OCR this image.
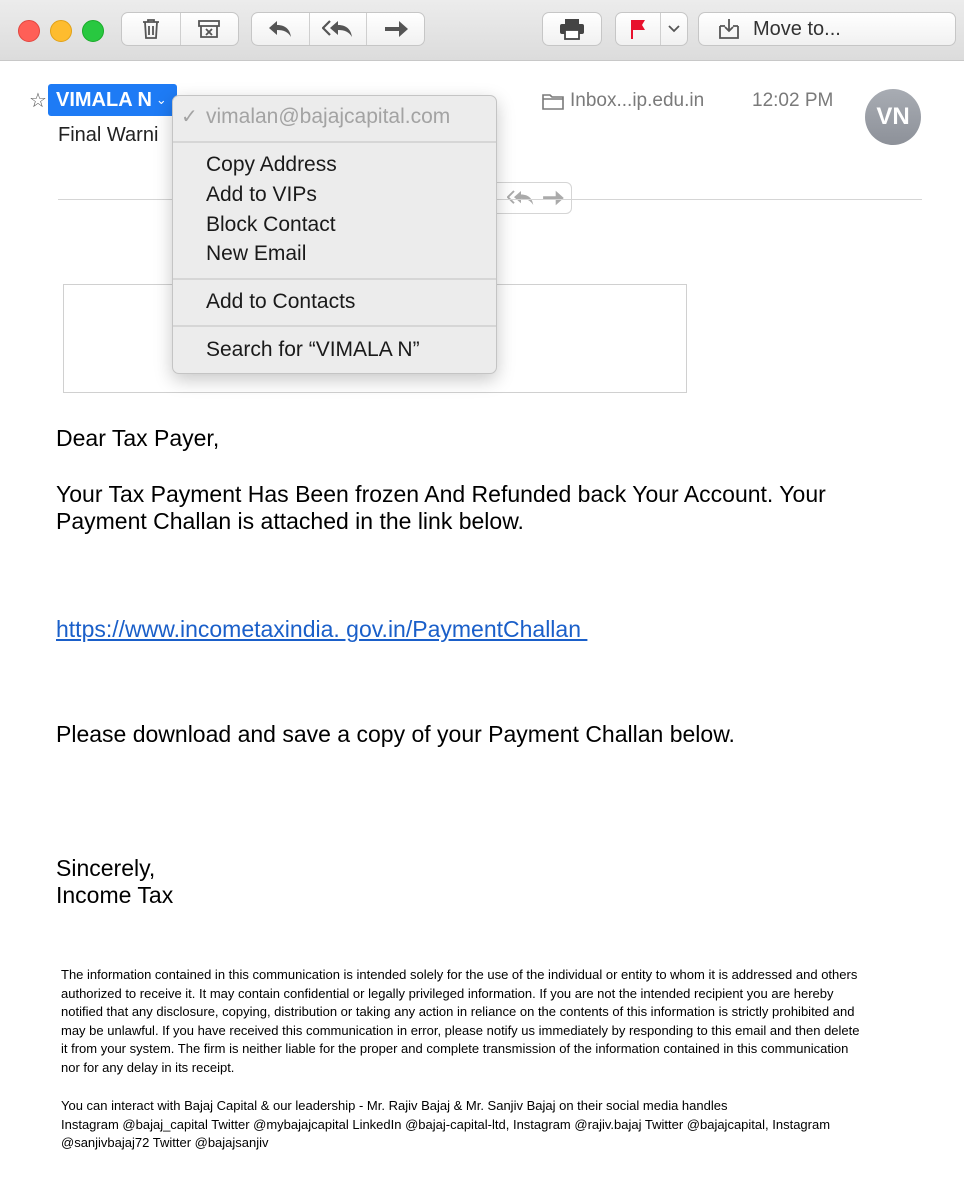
Move to...
☆ VIMALA N ⌄	Inbox...ip.edu.in	12:02 PM
VN
Final Warni
Dear Tax Payer,
Your Tax Payment Has Been frozen And Refunded back Your Account. Your
Payment Challan is attached in the link below.
https://www.incometaxindia. gov.in/PaymentChallan
Please download and save a copy of your Payment Challan below.
Sincerely,
Income Tax
The information contained in this communication is intended solely for the use of the individual or entity to whom it is addressed and others
authorized to receive it. It may contain confidential or legally privileged information. If you are not the intended recipient you are hereby
notified that any disclosure, copying, distribution or taking any action in reliance on the contents of this information is strictly prohibited and
may be unlawful. If you have received this communication in error, please notify us immediately by responding to this email and then delete
it from your system. The firm is neither liable for the proper and complete transmission of the information contained in this communication
nor for any delay in its receipt.
You can interact with Bajaj Capital & our leadership - Mr. Rajiv Bajaj & Mr. Sanjiv Bajaj on their social media handles
Instagram @bajaj_capital Twitter @mybajajcapital LinkedIn @bajaj-capital-ltd, Instagram @rajiv.bajaj Twitter @bajajcapital, Instagram
@sanjivbajaj72 Twitter @bajajsanjiv
✓ vimalan@bajajcapital.com
Copy Address
Add to VIPs
Block Contact
New Email
Add to Contacts
Search for “VIMALA N”
